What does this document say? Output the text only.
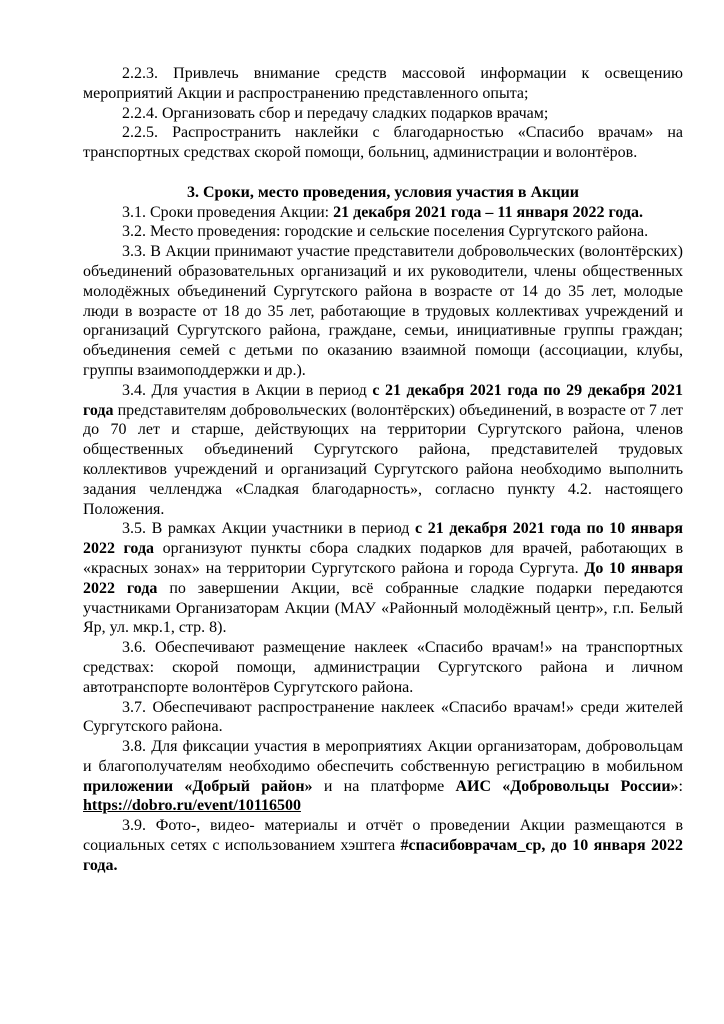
2.2.3. Привлечь внимание средств массовой информации к освещению мероприятий Акции и распространению представленного опыта;

2.2.4. Организовать сбор и передачу сладких подарков врачам;

2.2.5. Распространить наклейки с благодарностью «Спасибо врачам» на транспортных средствах скорой помощи, больниц, администрации и волонтёров.

3. Сроки, место проведения, условия участия в Акции

3.1. Сроки проведения Акции: 21 декабря 2021 года – 11 января 2022 года.

3.2. Место проведения: городские и сельские поселения Сургутского района.

3.3. В Акции принимают участие представители добровольческих (волонтёрских) объединений образовательных организаций и их руководители, члены общественных молодёжных объединений Сургутского района в возрасте от 14 до 35 лет, молодые люди в возрасте от 18 до 35 лет, работающие в трудовых коллективах учреждений и организаций Сургутского района, граждане, семьи, инициативные группы граждан; объединения семей с детьми по оказанию взаимной помощи (ассоциации, клубы, группы взаимоподдержки и др.).

3.4. Для участия в Акции в период с 21 декабря 2021 года по 29 декабря 2021 года представителям добровольческих (волонтёрских) объединений, в возрасте от 7 лет до 70 лет и старше, действующих на территории Сургутского района, членов общественных объединений Сургутского района, представителей трудовых коллективов учреждений и организаций Сургутского района необходимо выполнить задания челленджа «Сладкая благодарность», согласно пункту 4.2. настоящего Положения.

3.5. В рамках Акции участники в период с 21 декабря 2021 года по 10 января 2022 года организуют пункты сбора сладких подарков для врачей, работающих в «красных зонах» на территории Сургутского района и города Сургута. До 10 января 2022 года по завершении Акции, всё собранные сладкие подарки передаются участниками Организаторам Акции (МАУ «Районный молодёжный центр», г.п. Белый Яр, ул. мкр.1, стр. 8).

3.6. Обеспечивают размещение наклеек «Спасибо врачам!» на транспортных средствах: скорой помощи, администрации Сургутского района и личном автотранспорте волонтёров Сургутского района.

3.7. Обеспечивают распространение наклеек «Спасибо врачам!» среди жителей Сургутского района.

3.8. Для фиксации участия в мероприятиях Акции организаторам, добровольцам и благополучателям необходимо обеспечить собственную регистрацию в мобильном приложении «Добрый район» и на платформе АИС «Добровольцы России»: https://dobro.ru/event/10116500

3.9. Фото-, видео- материалы и отчёт о проведении Акции размещаются в социальных сетях с использованием хэштега #спасибоврачам_ср, до 10 января 2022 года.
